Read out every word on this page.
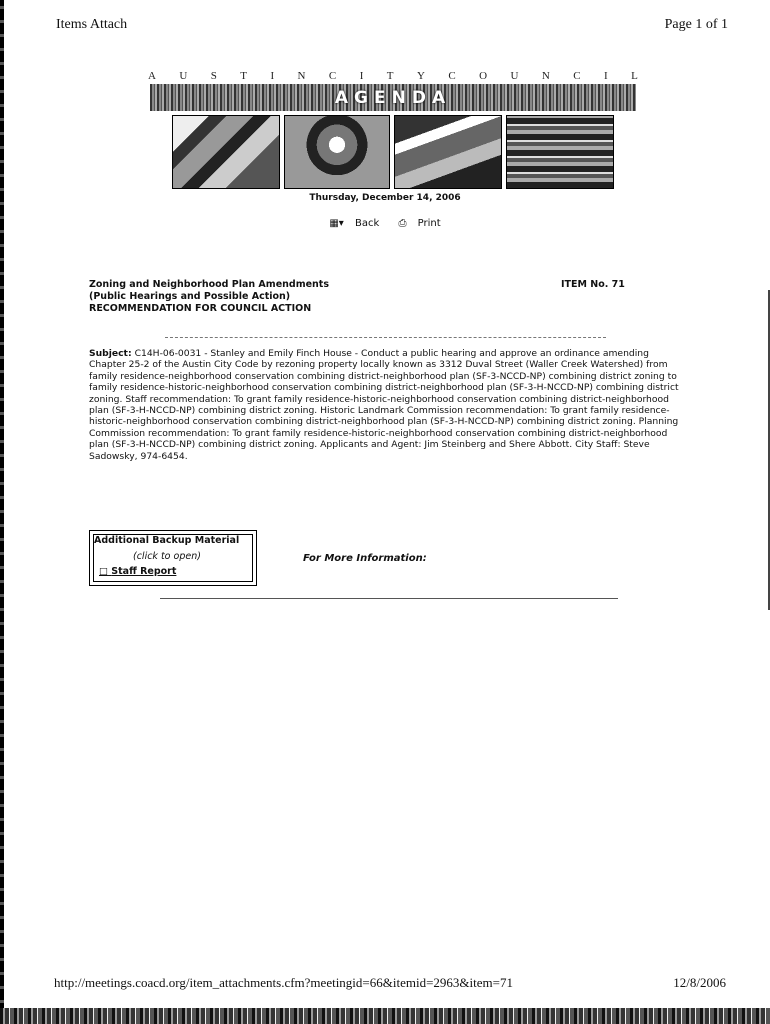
Items Attach	Page 1 of 1
A U S T I N C I T Y C O U N C I L
AGENDA
Thursday, December 14, 2006
▦▾ Back ⎙ Print
Zoning and Neighborhood Plan Amendments
(Public Hearings and Possible Action)
RECOMMENDATION FOR COUNCIL ACTION
ITEM No. 71
Subject: C14H-06-0031 - Stanley and Emily Finch House - Conduct a public hearing and approve an ordinance amending Chapter 25-2 of the Austin City Code by rezoning property locally known as 3312 Duval Street (Waller Creek Watershed) from family residence-neighborhood conservation combining district-neighborhood plan (SF-3-NCCD-NP) combining district zoning to family residence-historic-neighborhood conservation combining district-neighborhood plan (SF-3-H-NCCD-NP) combining district zoning. Staff recommendation: To grant family residence-historic-neighborhood conservation combining district-neighborhood plan (SF-3-H-NCCD-NP) combining district zoning. Historic Landmark Commission recommendation: To grant family residence-historic-neighborhood conservation combining district-neighborhood plan (SF-3-H-NCCD-NP) combining district zoning. Planning Commission recommendation: To grant family residence-historic-neighborhood conservation combining district-neighborhood plan (SF-3-H-NCCD-NP) combining district zoning. Applicants and Agent: Jim Steinberg and Shere Abbott. City Staff: Steve Sadowsky, 974-6454.
Additional Backup Material
(click to open)
□ Staff Report
For More Information:
http://meetings.coacd.org/item_attachments.cfm?meetingid=66&itemid=2963&item=71	12/8/2006
